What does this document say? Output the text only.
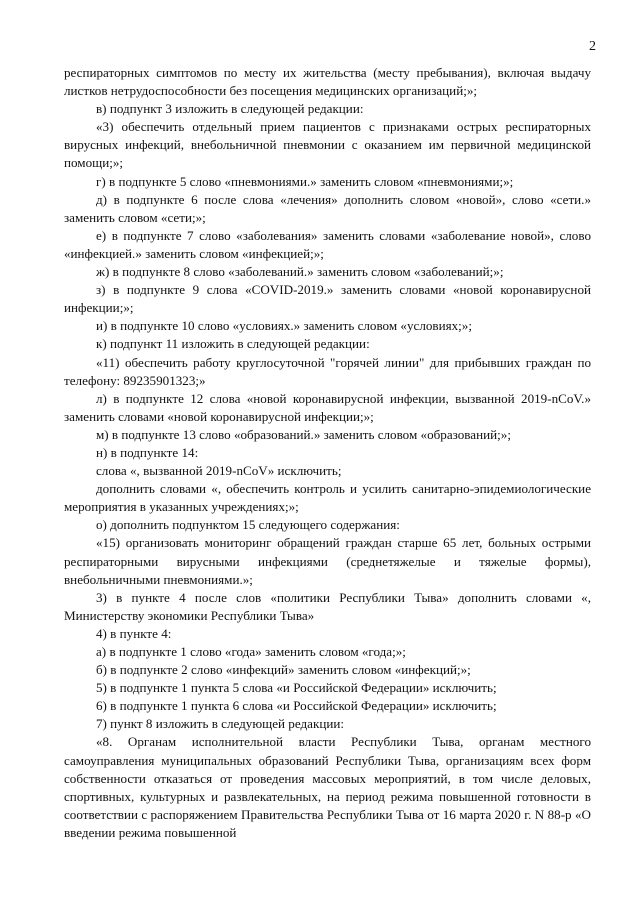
2

респираторных симптомов по месту их жительства (месту пребывания), включая выдачу листков нетрудоспособности без посещения медицинских организаций;»;

в) подпункт 3 изложить в следующей редакции:

«3) обеспечить отдельный прием пациентов с признаками острых респираторных вирусных инфекций, внебольничной пневмонии с оказанием им первичной медицинской помощи;»;

г) в подпункте 5 слово «пневмониями.» заменить словом «пневмониями;»;

д) в подпункте 6 после слова «лечения» дополнить словом «новой», слово «сети.» заменить словом «сети;»;

е) в подпункте 7 слово «заболевания» заменить словами «заболевание новой», слово «инфекцией.» заменить словом «инфекцией;»;

ж) в подпункте 8 слово «заболеваний.» заменить словом «заболеваний;»;

з) в подпункте 9 слова «COVID-2019.» заменить словами «новой коронавирусной инфекции;»;

и) в подпункте 10 слово «условиях.» заменить словом «условиях;»;

к) подпункт 11 изложить в следующей редакции:

«11) обеспечить работу круглосуточной "горячей линии" для прибывших граждан по телефону: 89235901323;»

л) в подпункте 12 слова «новой коронавирусной инфекции, вызванной 2019-nCoV.» заменить словами «новой коронавирусной инфекции;»;

м) в подпункте 13 слово «образований.» заменить словом «образований;»;

н) в подпункте 14:

слова «, вызванной 2019-nCoV» исключить;

дополнить словами «, обеспечить контроль и усилить санитарно-эпидемиологические мероприятия в указанных учреждениях;»;

о) дополнить подпунктом 15 следующего содержания:

«15) организовать мониторинг обращений граждан старше 65 лет, больных острыми респираторными вирусными инфекциями (среднетяжелые и тяжелые формы), внебольничными пневмониями.»;

3) в пункте 4 после слов «политики Республики Тыва» дополнить словами «, Министерству экономики Республики Тыва»

4) в пункте 4:

а) в подпункте 1 слово «года» заменить словом «года;»;

б) в подпункте 2 слово «инфекций» заменить словом «инфекций;»;

5) в подпункте 1 пункта 5 слова «и Российской Федерации» исключить;

6) в подпункте 1 пункта 6 слова «и Российской Федерации» исключить;

7) пункт 8 изложить в следующей редакции:

«8. Органам исполнительной власти Республики Тыва, органам местного самоуправления муниципальных образований Республики Тыва, организациям всех форм собственности отказаться от проведения массовых мероприятий, в том числе деловых, спортивных, культурных и развлекательных, на период режима повышенной готовности в соответствии с распоряжением Правительства Республики Тыва от 16 марта 2020 г. N 88-р «О введении режима повышенной
